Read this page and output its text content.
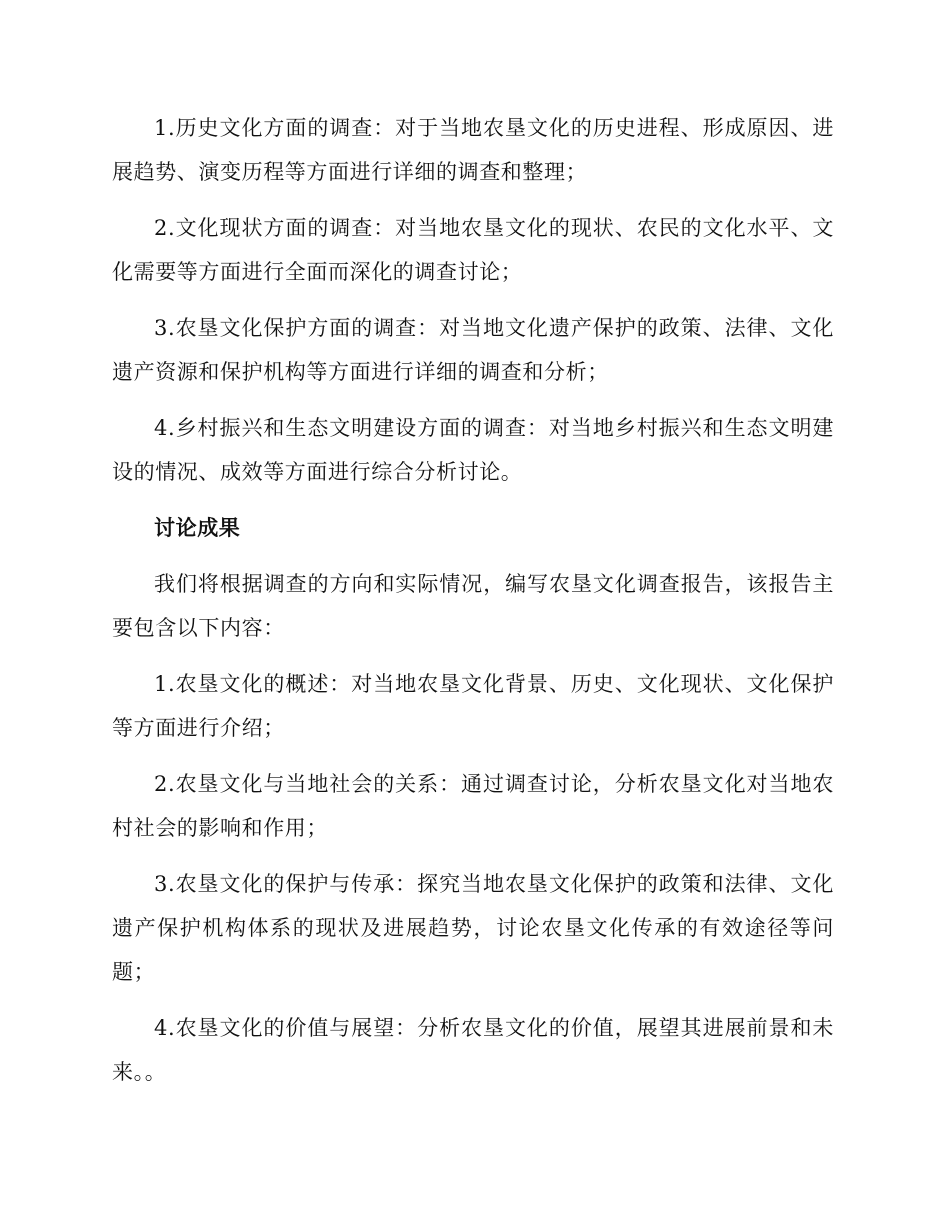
1.历史文化方面的调查：对于当地农垦文化的历史进程、形成原因、进展趋势、演变历程等方面进行详细的调查和整理；

2.文化现状方面的调查：对当地农垦文化的现状、农民的文化水平、文化需要等方面进行全面而深化的调查讨论；

3.农垦文化保护方面的调查：对当地文化遗产保护的政策、法律、文化遗产资源和保护机构等方面进行详细的调查和分析；

4.乡村振兴和生态文明建设方面的调查：对当地乡村振兴和生态文明建设的情况、成效等方面进行综合分析讨论。

讨论成果

我们将根据调查的方向和实际情况，编写农垦文化调查报告，该报告主要包含以下内容：

1.农垦文化的概述：对当地农垦文化背景、历史、文化现状、文化保护等方面进行介绍；

2.农垦文化与当地社会的关系：通过调查讨论，分析农垦文化对当地农村社会的影响和作用；

3.农垦文化的保护与传承：探究当地农垦文化保护的政策和法律、文化遗产保护机构体系的现状及进展趋势，讨论农垦文化传承的有效途径等问题；

4.农垦文化的价值与展望：分析农垦文化的价值，展望其进展前景和未来。。
